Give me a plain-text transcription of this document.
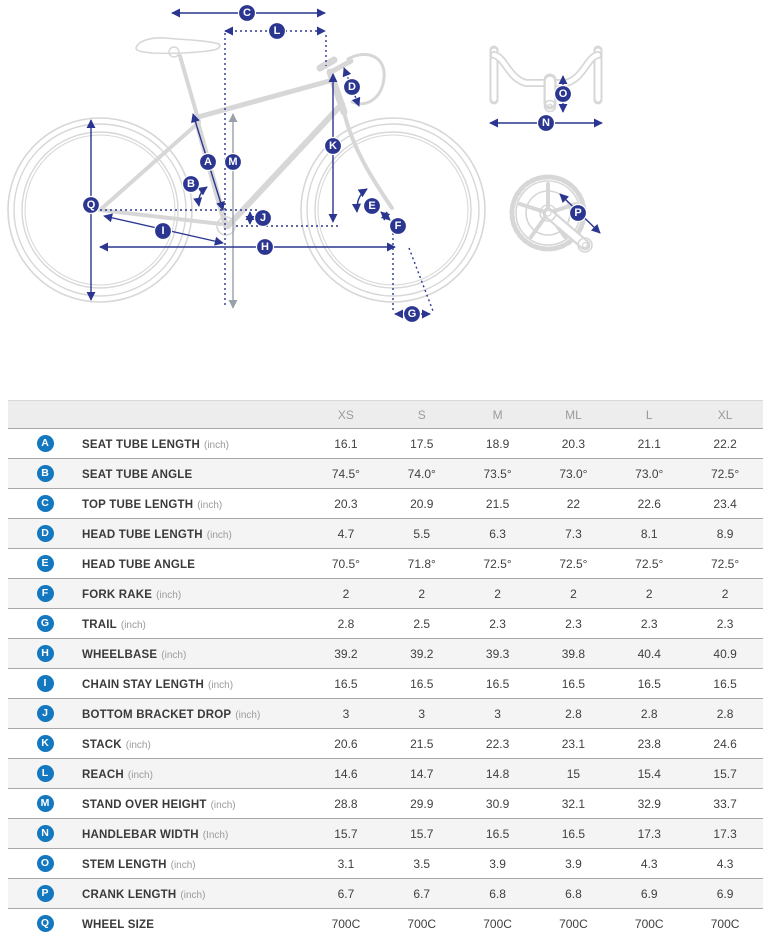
C
L
Q
A
B
M
J
I
H
K
D
E
F
G
N
O
P
XS	S	M	ML	L	XL
A	SEAT TUBE LENGTH (inch)	16.1	17.5	18.9	20.3	21.1	22.2
B	SEAT TUBE ANGLE	74.5°	74.0°	73.5°	73.0°	73.0°	72.5°
C	TOP TUBE LENGTH (inch)	20.3	20.9	21.5	22	22.6	23.4
D	HEAD TUBE LENGTH (inch)	4.7	5.5	6.3	7.3	8.1	8.9
E	HEAD TUBE ANGLE	70.5°	71.8°	72.5°	72.5°	72.5°	72.5°
F	FORK RAKE (inch)	2	2	2	2	2	2
G	TRAIL (inch)	2.8	2.5	2.3	2.3	2.3	2.3
H	WHEELBASE (inch)	39.2	39.2	39.3	39.8	40.4	40.9
I	CHAIN STAY LENGTH (inch)	16.5	16.5	16.5	16.5	16.5	16.5
J	BOTTOM BRACKET DROP (inch)	3	3	3	2.8	2.8	2.8
K	STACK (inch)	20.6	21.5	22.3	23.1	23.8	24.6
L	REACH (inch)	14.6	14.7	14.8	15	15.4	15.7
M	STAND OVER HEIGHT (inch)	28.8	29.9	30.9	32.1	32.9	33.7
N	HANDLEBAR WIDTH (Inch)	15.7	15.7	16.5	16.5	17.3	17.3
O	STEM LENGTH (inch)	3.1	3.5	3.9	3.9	4.3	4.3
P	CRANK LENGTH (inch)	6.7	6.7	6.8	6.8	6.9	6.9
Q	WHEEL SIZE	700C	700C	700C	700C	700C	700C
